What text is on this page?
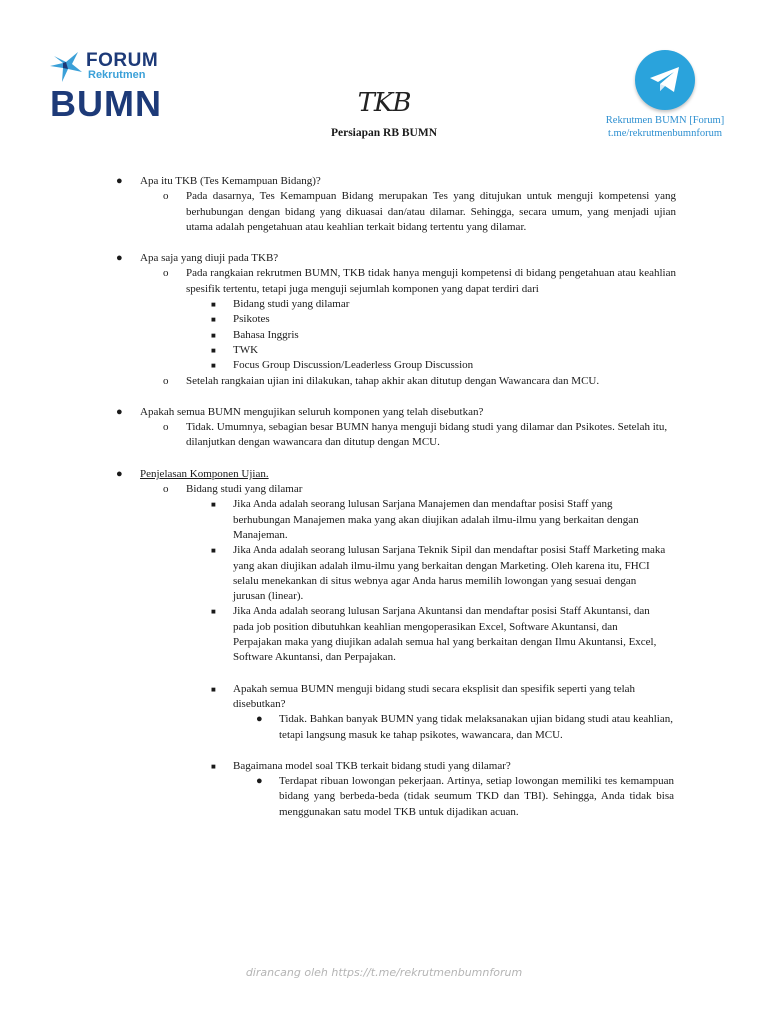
FORUM
Rekrutmen
BUMN	Rekrutmen BUMN [Forum]
t.me/rekrutmenbumnforum
TKB
Persiapan RB BUMN
● Apa itu TKB (Tes Kemampuan Bidang)?
o Pada dasarnya, Tes Kemampuan Bidang merupakan Tes yang ditujukan untuk menguji kompetensi yang berhubungan dengan bidang yang dikuasai dan/atau dilamar. Sehingga, secara umum, yang menjadi ujian utama adalah pengetahuan atau keahlian terkait bidang tertentu yang dilamar.
● Apa saja yang diuji pada TKB?
o Pada rangkaian rekrutmen BUMN, TKB tidak hanya menguji kompetensi di bidang pengetahuan atau keahlian spesifik tertentu, tetapi juga menguji sejumlah komponen yang dapat terdiri dari
■ Bidang studi yang dilamar
■ Psikotes
■ Bahasa Inggris
■ TWK
■ Focus Group Discussion/Leaderless Group Discussion
o Setelah rangkaian ujian ini dilakukan, tahap akhir akan ditutup dengan Wawancara dan MCU.
● Apakah semua BUMN mengujikan seluruh komponen yang telah disebutkan?
o Tidak. Umumnya, sebagian besar BUMN hanya menguji bidang studi yang dilamar dan Psikotes. Setelah itu, dilanjutkan dengan wawancara dan ditutup dengan MCU.
● Penjelasan Komponen Ujian.
o Bidang studi yang dilamar
■ Jika Anda adalah seorang lulusan Sarjana Manajemen dan mendaftar posisi Staff yang berhubungan Manajemen maka yang akan diujikan adalah ilmu-ilmu yang berkaitan dengan Manajeman.
■ Jika Anda adalah seorang lulusan Sarjana Teknik Sipil dan mendaftar posisi Staff Marketing maka yang akan diujikan adalah ilmu-ilmu yang berkaitan dengan Marketing. Oleh karena itu, FHCI selalu menekankan di situs webnya agar Anda harus memilih lowongan yang sesuai dengan jurusan (linear).
■ Jika Anda adalah seorang lulusan Sarjana Akuntansi dan mendaftar posisi Staff Akuntansi, dan pada job position dibutuhkan keahlian mengoperasikan Excel, Software Akuntansi, dan Perpajakan maka yang diujikan adalah semua hal yang berkaitan dengan Ilmu Akuntansi, Excel, Software Akuntansi, dan Perpajakan.
■ Apakah semua BUMN menguji bidang studi secara eksplisit dan spesifik seperti yang telah disebutkan?
● Tidak. Bahkan banyak BUMN yang tidak melaksanakan ujian bidang studi atau keahlian, tetapi langsung masuk ke tahap psikotes, wawancara, dan MCU.
■ Bagaimana model soal TKB terkait bidang studi yang dilamar?
● Terdapat ribuan lowongan pekerjaan. Artinya, setiap lowongan memiliki tes kemampuan bidang yang berbeda-beda (tidak seumum TKD dan TBI). Sehingga, Anda tidak bisa menggunakan satu model TKB untuk dijadikan acuan.
dirancang oleh https://t.me/rekrutmenbumnforum
